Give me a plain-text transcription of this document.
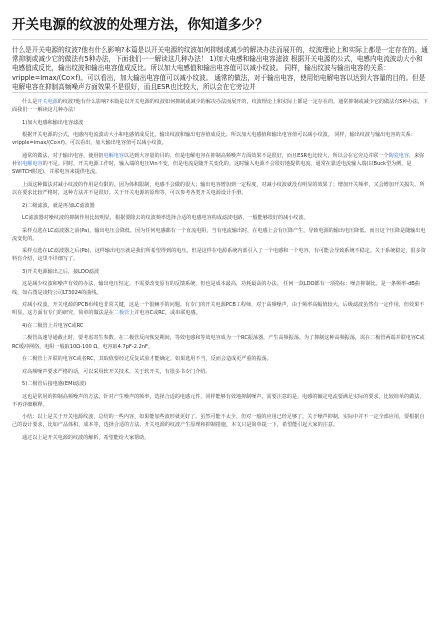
开关电源的纹波的处理方法，你知道多少？

什么是开关电源的纹波?他有什么影响?本篇是以开关电源的纹波如何抑制或减少的解决办法而展开的，纹波理论上和实际上都是一定存在的。通常抑制或减少它的做法有5种办法，下面我们一一解读这几种办法！ 1)加大电感和输出电容滤波 根据开关电源的公式，电感内电流波动大小和电感值成反比，输出纹波和输出电容值成反比。所以加大电感值和输出电容值可以减小纹波。 同样，输出纹波与输出电容的关系：vripple=Imax/(Co×f)。可以看出，加大输出电容值可以减小纹波。 通常的做法，对于输出电容，使用铝电解电容以达到大容量的目的。但是电解电容在抑制高频噪声方面效果不是很好，而且ESR也比较大，所以会在它旁边并

什么是开关电源的纹波?他有什么影响?本篇是以开关电源的纹波如何抑制或减少的解决办法而展开的，纹波理论上和实际上都是一定存在的。通常抑制或减少它的做法有5种办法，下面我们一一解读这几种办法！

1)加大电感和输出电容滤波

根据开关电源的公式，电感内电流波动大小和电感值成反比，输出纹波和输出电容值成反比。所以加大电感值和输出电容值可以减小纹波。 同样，输出纹波与输出电容的关系：vripple=Imax/(Co×f)。可以看出，加大输出电容值可以减小纹波。

通常的做法，对于输出电容，使用铝电解电容以达到大容量的目的。但是电解电容在抑制高频噪声方面效果不是很好，而且ESR也比较大，所以会在它旁边并联一个陶瓷电容，来弥补铝电解电容的不足。同时，开关电源工作时，输入端的电压Vin不变，但是电流是随开关变化的。这时输入电源不会很好地提供电流，通常在靠近电流输入端(以Buck型为例，是SWITCH附近)，并联电容来提供电流。

上面这种做法对减小纹波的作用是有限的。因为体积限制，电感不会做的很大；输出电容增加到一定程度，对减小纹波就没有明显的效果了；增加开关频率，又会增加开关损失。所以在要求比较严格时，这种方法并不是很好。关于开关电源的原理等，可以参考各类开关电源设计手册。

2)二级滤波，就是再加LC滤波器

LC滤波器对噪纹波的抑制作用比较明显，根据要除去的纹波频率选择合适的电感电容构成滤波电路，一般能够很好的减小纹波。

采样点选在LC滤波器之前(Pa)，输出电压会降低。因为任何电感都有一个直流电阻，当有电流输出时，在电感上会有压降产生，导致电源的输出电压降低。而且这个压降是随输出电流变化的。

采样点选在LC滤波器之后(Pb)，这样输出电压就是我们所希望得到的电压。但是这样在电源系统内部引入了一个电感和一个电容，有可能会导致系统不稳定。关于系统稳定，很多资料有介绍，这里不详细写了。

3)开关电源输出之后，接LDO滤波

这是减少纹波和噪声有效的办法，输出电压恒定，不需要改变原有的反馈系统，但也是成本最高，功耗最高的办法。 任何一款LDO都有一项指标：噪音抑制比。是一条频率-dB曲线，如右图是凌特公司LT3024的曲线。

对减小纹波。开关电源的PCB布线也非常关键，这是一个很棘手的问题。有专门的开关电源PCB工程师，对于高频噪声，由于频率高幅值较大，后级滤波虽然有一定作用，但效果不明显。这方面有专门的研究，简单的做法是在二极管上并电容C或RC，或串联电感。

4)在二极管上并电容C或RC

二极管高速导通截止时，要考虑寄生参数。在二极管反向恢复期间，等效电感和等效电容成为一个RC振荡器，产生高频振荡。为了抑制这种高频振荡，需在二极管两端并联电容C或RC缓冲网络。电阻一般取10Ω-100 Ω，电容取4.7pF-2.2nF。

在二极管上并联的电容C或者RC，其取值要经过反复试验才能确定。如果选用不当，反而会造成更严重的振荡。

对高频噪声要求严格的话，可以采用软开关技术。关于软开关，有很多书专门介绍。

5)二极管后接电感(EMI滤波)

这也是常用的抑制高频噪声的方法。针对产生噪声的频率，选择合适的电感元件，同样能够有效地抑制噪声。需要注意的是，电感的额定电流要满足实际的要求。比较简单的做法，不再详细解释。

小结：以上是关于开关电源纹波，总结的一些内容，如果能加些波形就更好了。虽然可能不太全，但对一般的应用已经足够了。关于噪声抑制，实际中并不一定全部应用，要根据自己的设计要求，比如产品体积，成本等，选择合适的方法。开关电源的纹波产生原理和抑制措施，本文只是简单提一下，希望能引起大家的注意。

通过以上是开关电源的纹波的解析，希望能给大家帮助。
